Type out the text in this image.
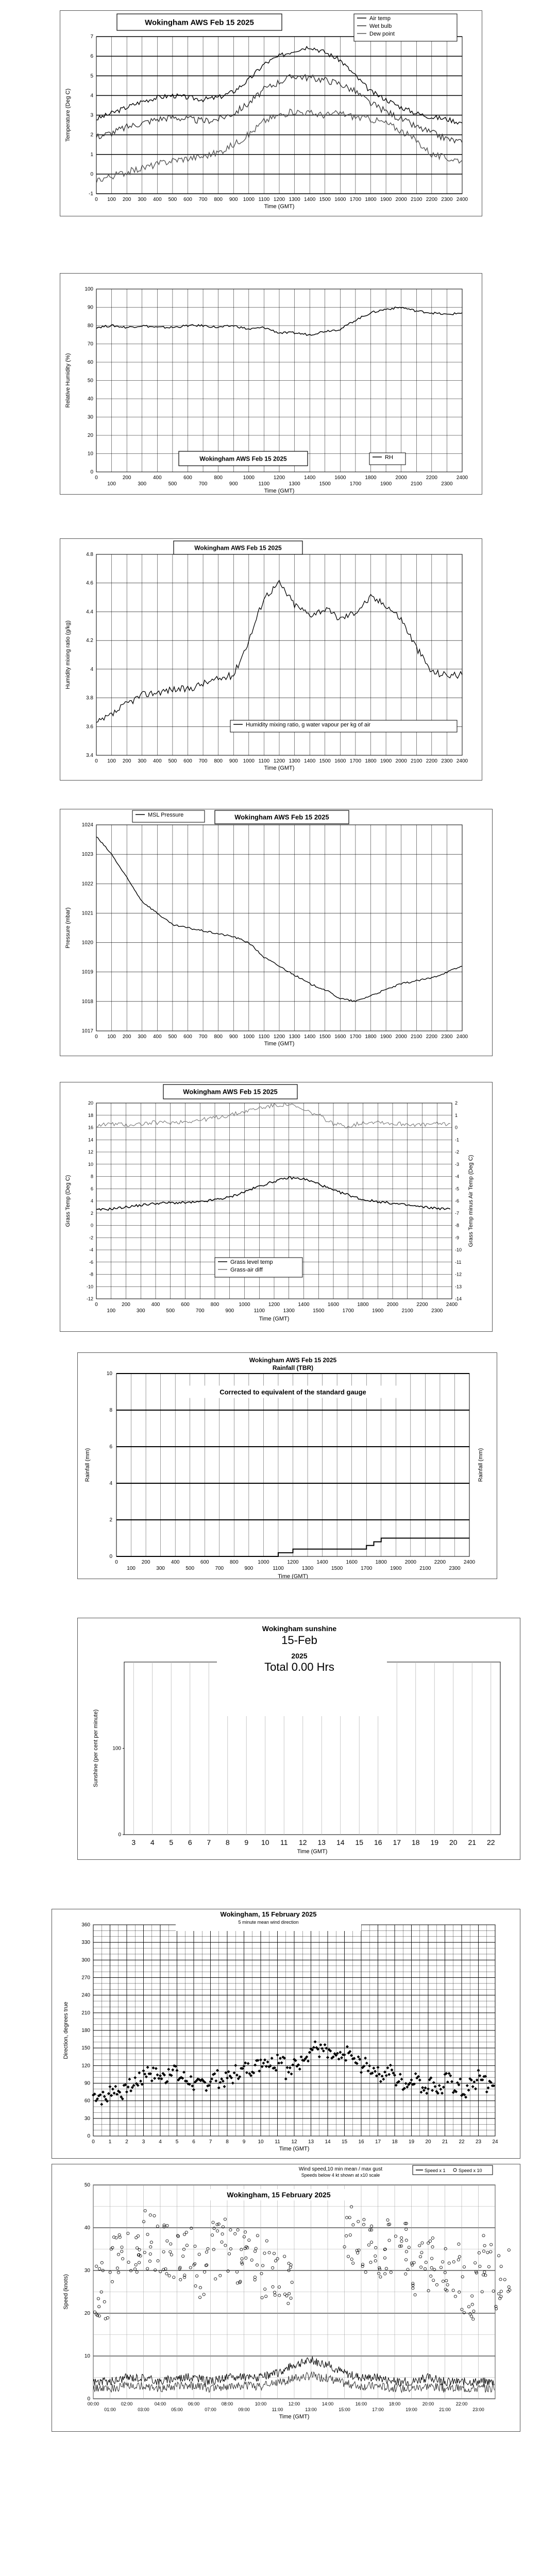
-1
0
1
2
3
4
5
6
7
0 100 200 300 400 500 600 700 800 900 1000 1100 1200 1300 1400 1500 1600 1700 1800 1900 2000 2100 2200 2300 2400
Time (GMT)
Temperature (Deg C)
Wokingham AWS Feb 15 2025	Air temp
Wet bulb
Dew point
0
10
20
30
40
50
60
70
80
90
100
0
100
200
300
400
500
600
700
800
900
1000
1100
1200
1300
1400
1500
1600
1700
1800
1900
2000
2100
2200
2300
2400
Time (GMT)
Relative Humidity (%)
Wokingham AWS Feb 15 2025	RH
3.4
3.6
3.8
4
4.2
4.4
4.6
4.8
0 100 200 300 400 500 600 700 800 900 1000 1100 1200 1300 1400 1500 1600 1700 1800 1900 2000 2100 2200 2300 2400
Time (GMT)
Humidity mixing ratio (g/kg)
Wokingham AWS Feb 15 2025
Humidity mixing ratio, g water vapour per kg of air
1017
1018
1019
1020
1021
1022
1023
1024
0 100 200 300 400 500 600 700 800 900 1000 1100 1200 1300 1400 1500 1600 1700 1800 1900 2000 2100 2200 2300 2400
Time (GMT)
Pressure (mbar)
MSL Pressure	Wokingham AWS Feb 15 2025
-12
-10
-8
-6
-4
-2
0
2
4
6
8
10
12
14
16
18
20
-14
-13
-12
-11
-10
-9
-8
-7
-6
-5
-4
-3
-2
-1
0
1
2
0
100
200
300
400
500
600
700
800
900
1000
1100
1200
1300
1400
1500
1600
1700
1800
1900
2000
2100
2200
2300
2400
Time (GMT)
Grass Temp (Deg C)	Grass Temp minus Air Temp (Deg C)
Wokingham AWS Feb 15 2025
Grass level temp
Grass-air diff
0
2
4
6
8
10
0
100
200
300
400
500
600
700
800
900
1000
1100
1200
1300
1400
1500
1600
1700
1800
1900
2000
2100
2200
2300
2400
Time (GMT)
Rainfall (mm)	Rainfall (mm)
Wokingham AWS Feb 15 2025
Rainfall (TBR)
Corrected to equivalent of the standard gauge
3 4 5 6 7 8 9 10 11 12 13 14 15 16 17 18 19 20 21 22
0
100
Time (GMT)
Sunshine (per cent per minute)
Wokingham sunshine
15-Feb
2025
Total 0.00 Hrs
0
30
60
90
120
150
180
210
240
270
300
330
360
0	1	2	3	4	5	6	7	8	9 10 11 12 13 14 15 16 17 18 19 20 21 22 23 24
Time (GMT)
Direction, degrees true
Wokingham, 15 February 2025
5 minute mean wind direction
0
10
20
30
40
50
00:00	02:00	04:00	06:00	08:00	10:00	12:00	14:00	16:00	18:00	20:00	22:00
01:00	03:00	05:00	07:00	09:00	11:00	13:00	15:00	17:00	19:00	21:00	23:00
Time (GMT)
Speed (knots)
Wind speed,10 min mean / max gust
Speeds below 4 kt shown at x10 scale
Speed x 1	Speed x 10
Wokingham, 15 February 2025
